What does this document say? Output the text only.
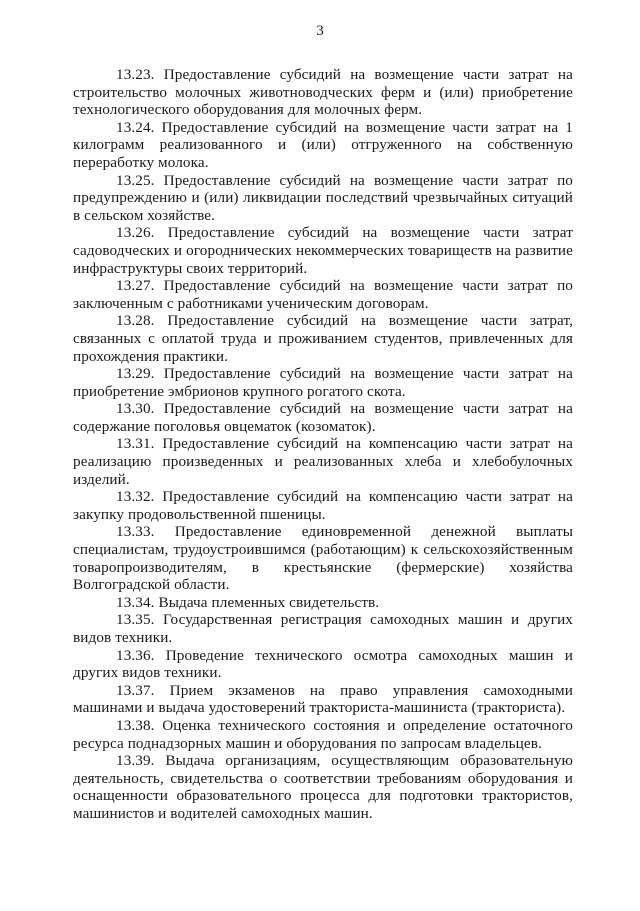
3

13.23. Предоставление субсидий на возмещение части затрат на строительство молочных животноводческих ферм и (или) приобретение технологического оборудования для молочных ферм.

13.24. Предоставление субсидий на возмещение части затрат на 1 килограмм реализованного и (или) отгруженного на собственную переработку молока.

13.25. Предоставление субсидий на возмещение части затрат по предупреждению и (или) ликвидации последствий чрезвычайных ситуаций в сельском хозяйстве.

13.26. Предоставление субсидий на возмещение части затрат садоводческих и огороднических некоммерческих товариществ на развитие инфраструктуры своих территорий.

13.27. Предоставление субсидий на возмещение части затрат по заключенным с работниками ученическим договорам.

13.28. Предоставление субсидий на возмещение части затрат, связанных с оплатой труда и проживанием студентов, привлеченных для прохождения практики.

13.29. Предоставление субсидий на возмещение части затрат на приобретение эмбрионов крупного рогатого скота.

13.30. Предоставление субсидий на возмещение части затрат на содержание поголовья овцематок (козоматок).

13.31. Предоставление субсидий на компенсацию части затрат на реализацию произведенных и реализованных хлеба и хлебобулочных изделий.

13.32. Предоставление субсидий на компенсацию части затрат на закупку продовольственной пшеницы.

13.33. Предоставление единовременной денежной выплаты специалистам, трудоустроившимся (работающим) к сельскохозяйственным товаропроизводителям, в крестьянские (фермерские) хозяйства Волгоградской области.

13.34. Выдача племенных свидетельств.

13.35. Государственная регистрация самоходных машин и других видов техники.

13.36. Проведение технического осмотра самоходных машин и других видов техники.

13.37. Прием экзаменов на право управления самоходными машинами и выдача удостоверений тракториста-машиниста (тракториста).

13.38. Оценка технического состояния и определение остаточного ресурса поднадзорных машин и оборудования по запросам владельцев.

13.39. Выдача организациям, осуществляющим образовательную деятельность, свидетельства о соответствии требованиям оборудования и оснащенности образовательного процесса для подготовки трактористов, машинистов и водителей самоходных машин.
